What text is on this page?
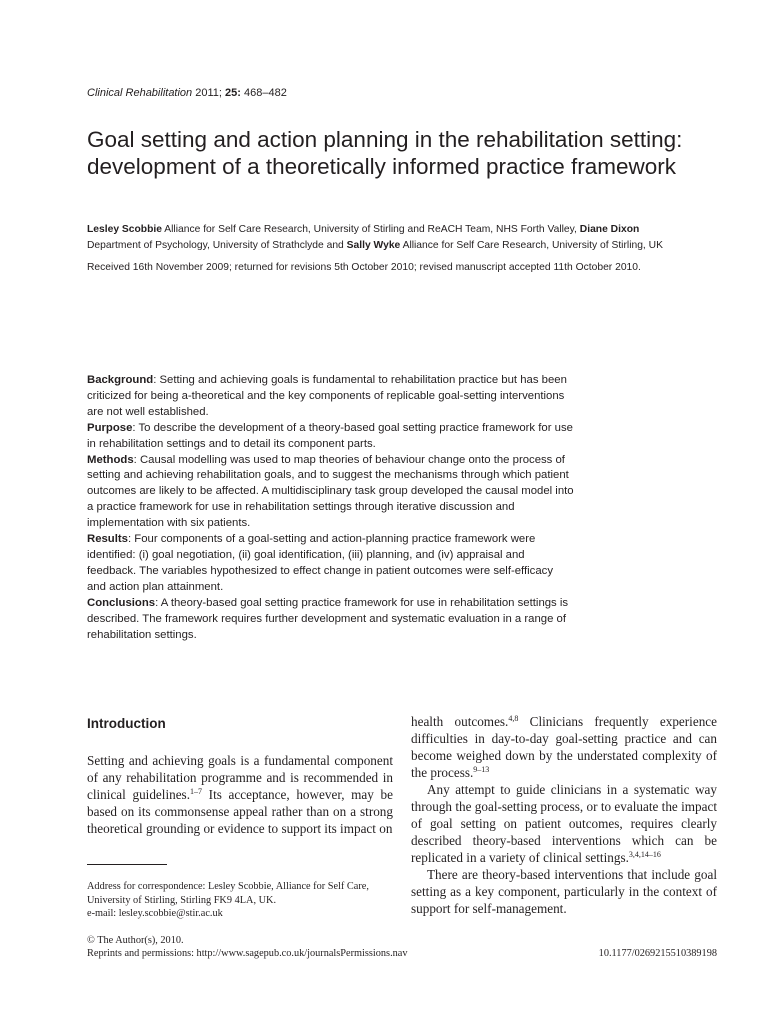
Clinical Rehabilitation 2011; 25: 468–482
Goal setting and action planning in the rehabilitation setting: development of a theoretically informed practice framework
Lesley Scobbie Alliance for Self Care Research, University of Stirling and ReACH Team, NHS Forth Valley, Diane Dixon
Department of Psychology, University of Strathclyde and Sally Wyke Alliance for Self Care Research, University of Stirling, UK
Received 16th November 2009; returned for revisions 5th October 2010; revised manuscript accepted 11th October 2010.

Background: Setting and achieving goals is fundamental to rehabilitation practice but has been criticized for being a-theoretical and the key components of replicable goal-setting interventions are not well established.

Purpose: To describe the development of a theory-based goal setting practice framework for use in rehabilitation settings and to detail its component parts.

Methods: Causal modelling was used to map theories of behaviour change onto the process of setting and achieving rehabilitation goals, and to suggest the mechanisms through which patient outcomes are likely to be affected. A multidisciplinary task group developed the causal model into a practice framework for use in rehabilitation settings through iterative discussion and implementation with six patients.

Results: Four components of a goal-setting and action-planning practice framework were identified: (i) goal negotiation, (ii) goal identification, (iii) planning, and (iv) appraisal and feedback. The variables hypothesized to effect change in patient outcomes were self-efficacy and action plan attainment.

Conclusions: A theory-based goal setting practice framework for use in rehabilitation settings is described. The framework requires further development and systematic evaluation in a range of rehabilitation settings.

Introduction

Setting and achieving goals is a fundamental component of any rehabilitation programme and is recommended in clinical guidelines.$^{1-7}$ Its acceptance, however, may be based on its commonsense appeal rather than on a strong theoretical grounding or evidence to support its impact on

health outcomes.$^{4,8}$ Clinicians frequently experience difficulties in day-to-day goal-setting practice and can become weighed down by the understated complexity of the process.$^{9-13}$

Any attempt to guide clinicians in a systematic way through the goal-setting process, or to evaluate the impact of goal setting on patient outcomes, requires clearly described theory-based interventions which can be replicated in a variety of clinical settings.$^{3,4,14-16}$

There are theory-based interventions that include goal setting as a key component, particularly in the context of support for self-management.

Address for correspondence: Lesley Scobbie, Alliance for Self Care, University of Stirling, Stirling FK9 4LA, UK.
e-mail: lesley.scobbie@stir.ac.uk
© The Author(s), 2010.
Reprints and permissions: http://www.sagepub.co.uk/journalsPermissions.nav	10.1177/0269215510389198
